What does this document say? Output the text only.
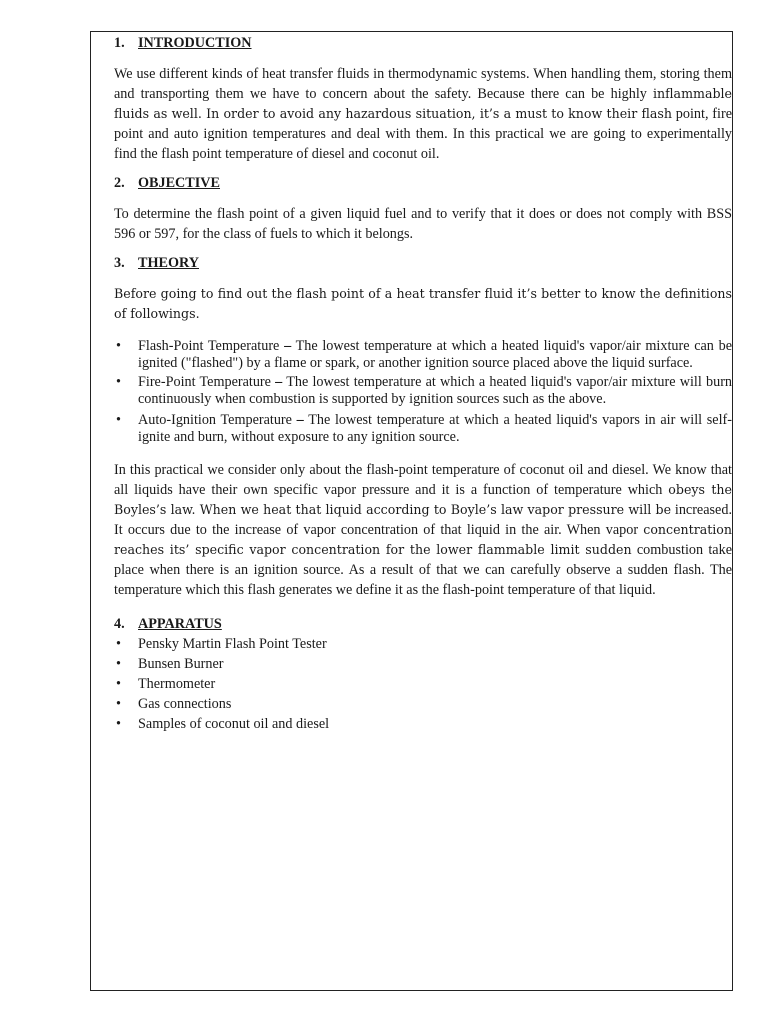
1. INTRODUCTION

We use different kinds of heat transfer fluids in thermodynamic systems. When handling them, storing them and transporting them we have to concern about the safety. Because there can be highly inflammable fluids as well. In order to avoid any hazardous situation, it’s a must to know their flash point, fire point and auto ignition temperatures and deal with them. In this practical we are going to experimentally find the flash point temperature of diesel and coconut oil.

2. OBJECTIVE

To determine the flash point of a given liquid fuel and to verify that it does or does not comply with BSS 596 or 597, for the class of fuels to which it belongs.

3. THEORY

Before going to find out the flash point of a heat transfer fluid it’s better to know the definitions of followings.

• Flash-Point Temperature – The lowest temperature at which a heated liquid's vapor/air mixture can be ignited ("flashed") by a flame or spark, or another ignition source placed above the liquid surface.
• Fire-Point Temperature – The lowest temperature at which a heated liquid's vapor/air mixture will burn continuously when combustion is supported by ignition sources such as the above.
• Auto-Ignition Temperature – The lowest temperature at which a heated liquid's vapors in air will self-ignite and burn, without exposure to any ignition source.

In this practical we consider only about the flash-point temperature of coconut oil and diesel. We know that all liquids have their own specific vapor pressure and it is a function of temperature which obeys the Boyles’s law. When we heat that liquid according to Boyle’s law vapor pressure will be increased. It occurs due to the increase of vapor concentration of that liquid in the air. When vapor concentration reaches its’ specific vapor concentration for the lower flammable limit sudden combustion take place when there is an ignition source. As a result of that we can carefully observe a sudden flash. The temperature which this flash generates we define it as the flash-point temperature of that liquid.

4. APPARATUS
• Pensky Martin Flash Point Tester
• Bunsen Burner
• Thermometer
• Gas connections
• Samples of coconut oil and diesel
